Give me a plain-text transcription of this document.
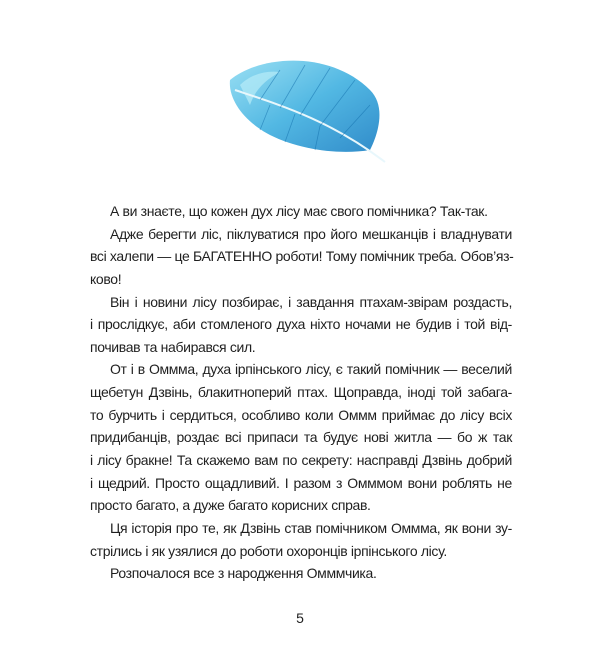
А ви знаєте, що кожен дух лісу має свого помічника? Так-так.
Адже берегти ліс, піклуватися про його мешканців і владнувати
всі халепи — це БАГАТЕННО роботи! Тому помічник треба. Обов’яз-
ково!
Він і новини лісу позбирає, і завдання птахам-звірам роздасть,
і прослідкує, аби стомленого духа ніхто ночами не будив і той від-
почивав та набирався сил.
От і в Оммма, духа ірпінського лісу, є такий помічник — веселий
щебетун Дзвінь, блакитноперий птах. Щоправда, іноді той забага-
то бурчить і сердиться, особливо коли Оммм приймає до лісу всіх
придибанців, роздає всі припаси та будує нові житла — бо ж так
і лісу бракне! Та скажемо вам по секрету: насправді Дзвінь добрий
і щедрий. Просто ощадливий. І разом з Омммом вони роблять не
просто багато, а дуже багато корисних справ.
Ця історія про те, як Дзвінь став помічником Оммма, як вони зу-
стрілись і як узялися до роботи охоронців ірпінського лісу.
Розпочалося все з народження Омммчика.
5
